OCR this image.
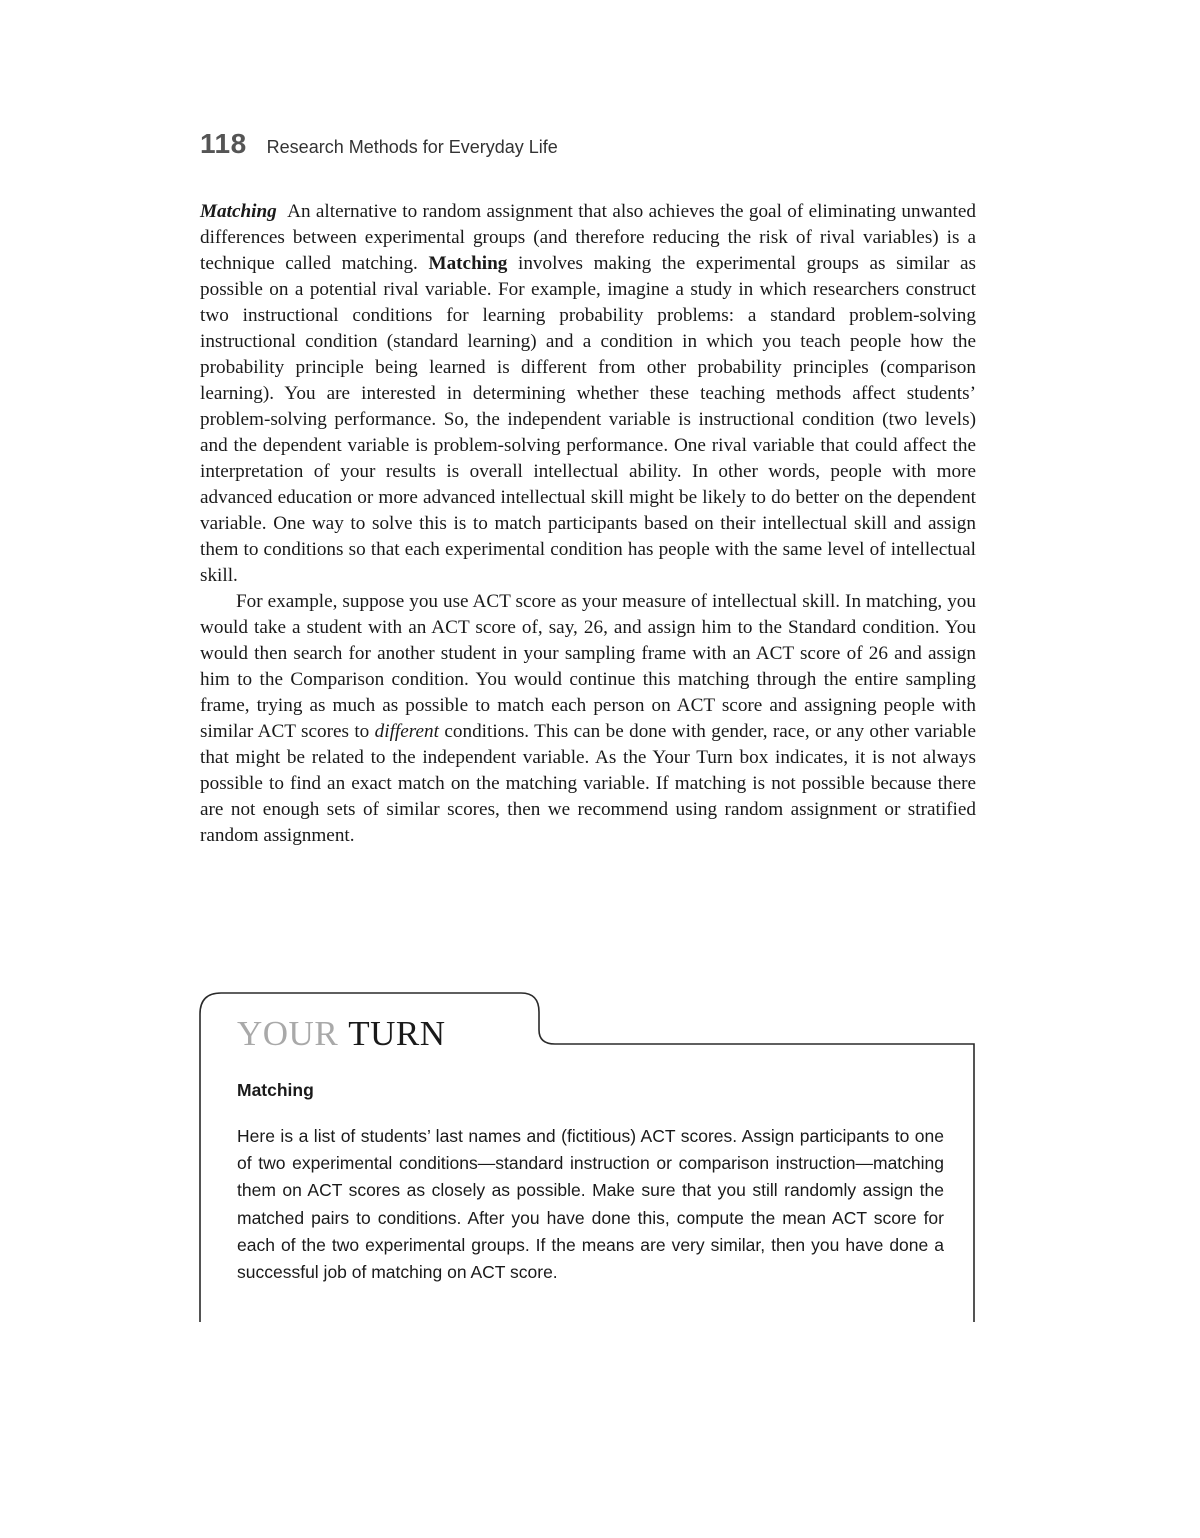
118 Research Methods for Everyday Life

Matching An alternative to random assignment that also achieves the goal of eliminating unwanted differences between experimental groups (and therefore reducing the risk of rival variables) is a technique called matching. Matching involves making the experimental groups as similar as possible on a potential rival variable. For example, imagine a study in which researchers construct two instructional conditions for learning probability problems: a standard problem-solving instructional condition (standard learning) and a condition in which you teach people how the probability principle being learned is different from other probability principles (comparison learning). You are interested in determining whether these teaching methods affect students’ problem-solving performance. So, the independent variable is instructional condition (two levels) and the dependent variable is problem-solving performance. One rival variable that could affect the interpretation of your results is overall intellectual ability. In other words, people with more advanced education or more advanced intellectual skill might be likely to do better on the dependent variable. One way to solve this is to match participants based on their intellectual skill and assign them to conditions so that each experimental condition has people with the same level of intellectual skill.

For example, suppose you use ACT score as your measure of intellectual skill. In matching, you would take a student with an ACT score of, say, 26, and assign him to the Standard condition. You would then search for another student in your sampling frame with an ACT score of 26 and assign him to the Comparison condition. You would continue this matching through the entire sampling frame, trying as much as possible to match each person on ACT score and assigning people with similar ACT scores to different conditions. This can be done with gender, race, or any other variable that might be related to the independent variable. As the Your Turn box indicates, it is not always possible to find an exact match on the matching variable. If matching is not possible because there are not enough sets of similar scores, then we recommend using random assignment or stratified random assignment.

YOUR TURN
Matching

Here is a list of students’ last names and (fictitious) ACT scores. Assign participants to one of two experimental conditions—standard instruction or comparison instruction—matching them on ACT scores as closely as possible. Make sure that you still randomly assign the matched pairs to conditions. After you have done this, compute the mean ACT score for each of the two experimental groups. If the means are very similar, then you have done a successful job of matching on ACT score.
